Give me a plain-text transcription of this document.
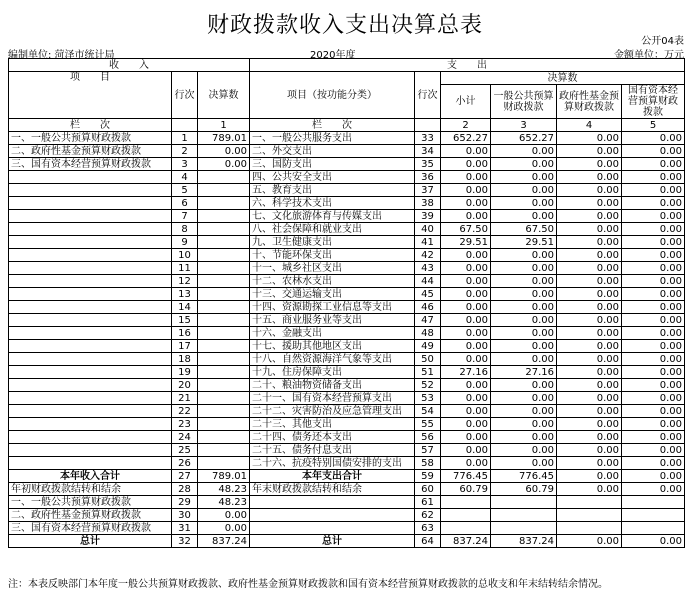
财政拨款收入支出决算总表
公开04表
编制单位: 菏泽市统计局	2020年度	金额单位：万元
收　　入			支　　出					
项　　目	行次	决算数	项目（按功能分类）	行次	决算数			
					小计	一般公共预算财政拨款	政府性基金预算财政拨款	国有资本经营预算财政拨款

栏　　次		1	栏　　次		2	3	4	5
一、一般公共预算财政拨款	1	789.01	一、一般公共服务支出	33	652.27	652.27	0.00	0.00
二、政府性基金预算财政拨款	2	0.00	二、外交支出	34	0.00	0.00	0.00	0.00
三、国有资本经营预算财政拨款	3	0.00	三、国防支出	35	0.00	0.00	0.00	0.00
	4		四、公共安全支出	36	0.00	0.00	0.00	0.00
	5		五、教育支出	37	0.00	0.00	0.00	0.00
	6		六、科学技术支出	38	0.00	0.00	0.00	0.00
	7		七、文化旅游体育与传媒支出	39	0.00	0.00	0.00	0.00
	8		八、社会保障和就业支出	40	67.50	67.50	0.00	0.00
	9		九、卫生健康支出	41	29.51	29.51	0.00	0.00
	10		十、节能环保支出	42	0.00	0.00	0.00	0.00
	11		十一、城乡社区支出	43	0.00	0.00	0.00	0.00
	12		十二、农林水支出	44	0.00	0.00	0.00	0.00
	13		十三、交通运输支出	45	0.00	0.00	0.00	0.00
	14		十四、资源勘探工业信息等支出	46	0.00	0.00	0.00	0.00
	15		十五、商业服务业等支出	47	0.00	0.00	0.00	0.00
	16		十六、金融支出	48	0.00	0.00	0.00	0.00
	17		十七、援助其他地区支出	49	0.00	0.00	0.00	0.00
	18		十八、自然资源海洋气象等支出	50	0.00	0.00	0.00	0.00
	19		十九、住房保障支出	51	27.16	27.16	0.00	0.00
	20		二十、粮油物资储备支出	52	0.00	0.00	0.00	0.00
	21		二十一、国有资本经营预算支出	53	0.00	0.00	0.00	0.00
	22		二十二、灾害防治及应急管理支出	54	0.00	0.00	0.00	0.00
	23		二十三、其他支出	55	0.00	0.00	0.00	0.00
	24		二十四、债务还本支出	56	0.00	0.00	0.00	0.00
	25		二十五、债务付息支出	57	0.00	0.00	0.00	0.00
	26		二十六、抗疫特别国债安排的支出	58	0.00	0.00	0.00	0.00
本年收入合计	27	789.01	本年支出合计	59	776.45	776.45	0.00	0.00
年初财政拨款结转和结余	28	48.23	年末财政拨款结转和结余	60	60.79	60.79	0.00	0.00
一、一般公共预算财政拨款	29	48.23		61				
二、政府性基金预算财政拨款	30	0.00		62				
三、国有资本经营预算财政拨款	31	0.00		63				
总计	32	837.24	总计	64	837.24	837.24	0.00	0.00
注：本表反映部门本年度一般公共预算财政拨款、政府性基金预算财政拨款和国有资本经营预算财政拨款的总收支和年末结转结余情况。
